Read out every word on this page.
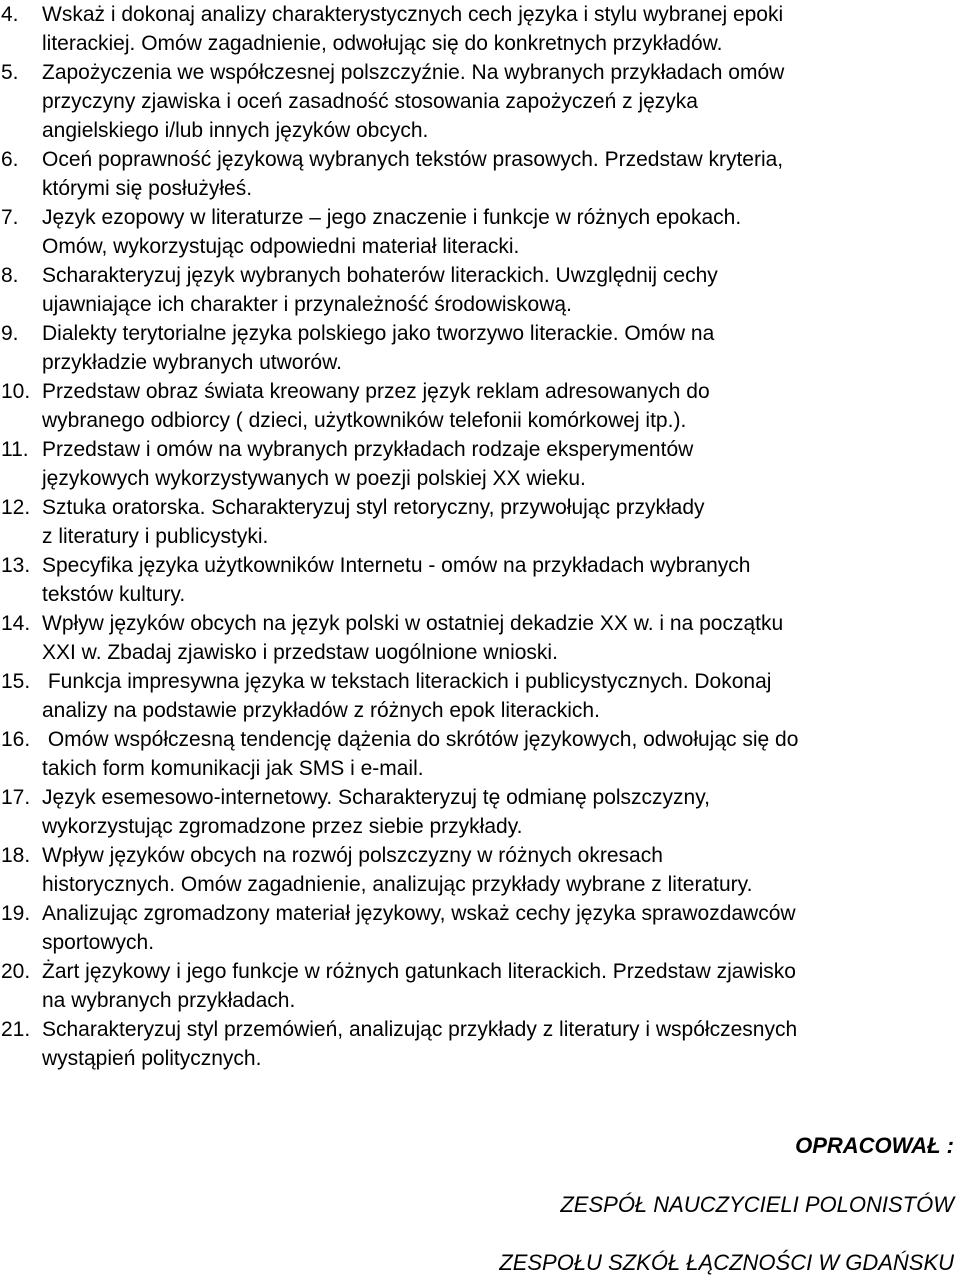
4. Wskaż i dokonaj analizy charakterystycznych cech języka i stylu wybranej epoki
literackiej. Omów zagadnienie, odwołując się do konkretnych przykładów.
5. Zapożyczenia we współczesnej polszczyźnie. Na wybranych przykładach omów
przyczyny zjawiska i oceń zasadność stosowania zapożyczeń z języka
angielskiego i/lub innych języków obcych.
6. Oceń poprawność językową wybranych tekstów prasowych. Przedstaw kryteria,
którymi się posłużyłeś.
7. Język ezopowy w literaturze – jego znaczenie i funkcje w różnych epokach.
Omów, wykorzystując odpowiedni materiał literacki.
8. Scharakteryzuj język wybranych bohaterów literackich. Uwzględnij cechy
ujawniające ich charakter i przynależność środowiskową.
9. Dialekty terytorialne języka polskiego jako tworzywo literackie. Omów na
przykładzie wybranych utworów.
10. Przedstaw obraz świata kreowany przez język reklam adresowanych do
wybranego odbiorcy ( dzieci, użytkowników telefonii komórkowej itp.).
11. Przedstaw i omów na wybranych przykładach rodzaje eksperymentów
językowych wykorzystywanych w poezji polskiej XX wieku.
12. Sztuka oratorska. Scharakteryzuj styl retoryczny, przywołując przykłady
z literatury i publicystyki.
13. Specyfika języka użytkowników Internetu - omów na przykładach wybranych
tekstów kultury.
14. Wpływ języków obcych na język polski w ostatniej dekadzie XX w. i na początku
XXI w. Zbadaj zjawisko i przedstaw uogólnione wnioski.
15. Funkcja impresywna języka w tekstach literackich i publicystycznych. Dokonaj
analizy na podstawie przykładów z różnych epok literackich.
16. Omów współczesną tendencję dążenia do skrótów językowych, odwołując się do
takich form komunikacji jak SMS i e-mail.
17. Język esemesowo-internetowy. Scharakteryzuj tę odmianę polszczyzny,
wykorzystując zgromadzone przez siebie przykłady.
18. Wpływ języków obcych na rozwój polszczyzny w różnych okresach
historycznych. Omów zagadnienie, analizując przykłady wybrane z literatury.
19. Analizując zgromadzony materiał językowy, wskaż cechy języka sprawozdawców
sportowych.
20. Żart językowy i jego funkcje w różnych gatunkach literackich. Przedstaw zjawisko
na wybranych przykładach.
21. Scharakteryzuj styl przemówień, analizując przykłady z literatury i współczesnych
wystąpień politycznych.
OPRACOWAŁ :
ZESPÓŁ NAUCZYCIELI POLONISTÓW
ZESPOŁU SZKÓŁ ŁĄCZNOŚCI W GDAŃSKU
